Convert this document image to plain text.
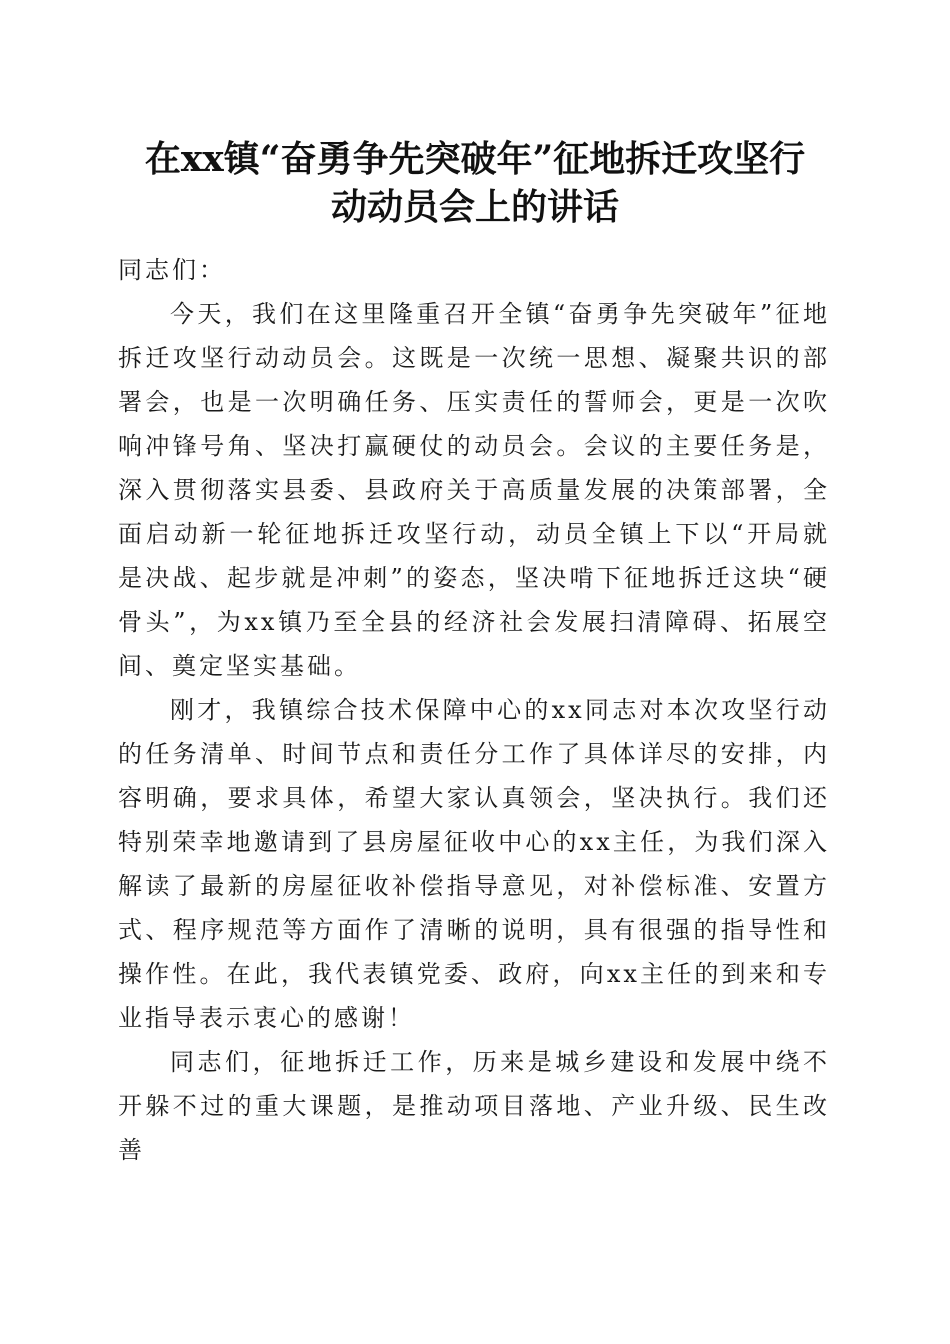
在xx镇“奋勇争先突破年”征地拆迁攻坚行
动动员会上的讲话

同志们：

今天，我们在这里隆重召开全镇“奋勇争先突破年”征地拆迁攻坚行动动员会。这既是一次统一思想、凝聚共识的部署会，也是一次明确任务、压实责任的誓师会，更是一次吹响冲锋号角、坚决打赢硬仗的动员会。会议的主要任务是，深入贯彻落实县委、县政府关于高质量发展的决策部署，全面启动新一轮征地拆迁攻坚行动，动员全镇上下以“开局就是决战、起步就是冲刺”的姿态，坚决啃下征地拆迁这块“硬骨头”，为xx镇乃至全县的经济社会发展扫清障碍、拓展空间、奠定坚实基础。

刚才，我镇综合技术保障中心的xx同志对本次攻坚行动的任务清单、时间节点和责任分工作了具体详尽的安排，内容明确，要求具体，希望大家认真领会，坚决执行。我们还特别荣幸地邀请到了县房屋征收中心的xx主任，为我们深入解读了最新的房屋征收补偿指导意见，对补偿标准、安置方式、程序规范等方面作了清晰的说明，具有很强的指导性和操作性。在此，我代表镇党委、政府，向xx主任的到来和专业指导表示衷心的感谢！

同志们，征地拆迁工作，历来是城乡建设和发展中绕不开躲不过的重大课题，是推动项目落地、产业升级、民生改善
